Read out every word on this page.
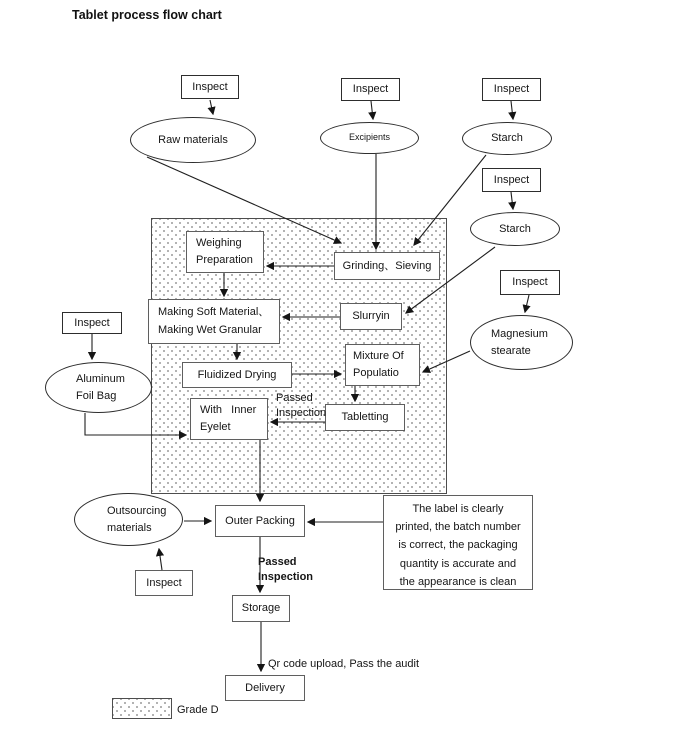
Tablet process flow chart
Inspect	Inspect	Inspect
Inspect
Inspect
Inspect
Inspect
Raw materials	Excipients	Starch
Starch
Aluminum
Foil Bag
Magnesium
stearate
Outsourcing
materials
Weighing
Preparation	Grinding、Sieving
Making Soft Material、
Making Wet Granular
Slurryin
Fluidized Drying
Mixture Of
Populatio
Tabletting
With   Inner
Eyelet
Outer Packing
The label is clearly
printed, the batch number
is correct, the packaging
quantity is accurate and
the appearance is clean
Storage
Delivery
Passed
Inspection
Passed
Inspection
Qr code upload, Pass the audit
Grade D
